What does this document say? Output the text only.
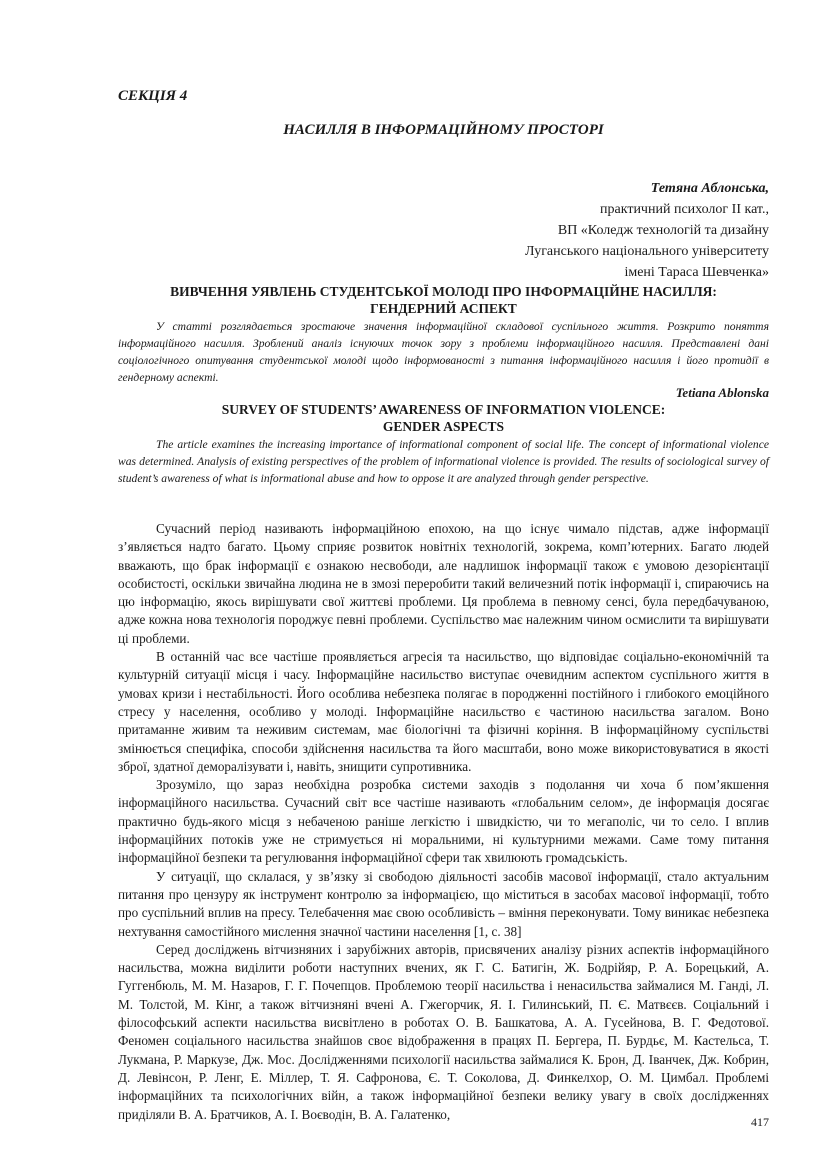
СЕКЦІЯ 4
НАСИЛЛЯ В ІНФОРМАЦІЙНОМУ ПРОСТОРІ
Тетяна Аблонська,
практичний психолог ІІ кат.,
ВП «Коледж технологій та дизайну
Луганського національного університету
імені Тараса Шевченка»
ВИВЧЕННЯ УЯВЛЕНЬ СТУДЕНТСЬКОЇ МОЛОДІ ПРО ІНФОРМАЦІЙНЕ НАСИЛЛЯ:
ГЕНДЕРНИЙ АСПЕКТ
У статті розглядається зростаюче значення інформаційної складової суспільного життя. Розкрито поняття інформаційного насилля. Зроблений аналіз існуючих точок зору з проблеми інформаційного насилля. Представлені дані соціологічного опитування студентської молоді щодо інформованості з питання інформаційного насилля і його протидії в гендерному аспекті.
Tetiana Ablonska
SURVEY OF STUDENTS’ AWARENESS OF INFORMATION VIOLENCE:
GENDER ASPECTS
The article examines the increasing importance of informational component of social life. The concept of informational violence was determined. Analysis of existing perspectives of the problem of informational violence is provided. The results of sociological survey of student’s awareness of what is informational abuse and how to oppose it are analyzed through gender perspective.

Сучасний період називають інформаційною епохою, на що існує чимало підстав, адже інформації з’являється надто багато. Цьому сприяє розвиток новітніх технологій, зокрема, комп’ютерних. Багато людей вважають, що брак інформації є ознакою несвободи, але надлишок інформації також є умовою дезорієнтації особистості, оскільки звичайна людина не в змозі переробити такий величезний потік інформації і, спираючись на цю інформацію, якось вирішувати свої життєві проблеми. Ця проблема в певному сенсі, була передбачуваною, адже кожна нова технологія породжує певні проблеми. Суспільство має належним чином осмислити та вирішувати ці проблеми.

В останній час все частіше проявляється агресія та насильство, що відповідає соціально-економічній та культурній ситуації місця і часу. Інформаційне насильство виступає очевидним аспектом суспільного життя в умовах кризи і нестабільності. Його особлива небезпека полягає в породженні постійного і глибокого емоційного стресу у населення, особливо у молоді. Інформаційне насильство є частиною насильства загалом. Воно притаманне живим та неживим системам, має біологічні та фізичні коріння. В інформаційному суспільстві змінюється специфіка, способи здійснення насильства та його масштаби, воно може використовуватися в якості зброї, здатної деморалізувати і, навіть, знищити супротивника.

Зрозуміло, що зараз необхідна розробка системи заходів з подолання чи хоча б пом’якшення інформаційного насильства. Сучасний світ все частіше називають «глобальним селом», де інформація досягає практично будь-якого місця з небаченою раніше легкістю і швидкістю, чи то мегаполіс, чи то село. І вплив інформаційних потоків уже не стримується ні моральними, ні культурними межами. Саме тому питання інформаційної безпеки та регулювання інформаційної сфери так хвилюють громадськість.

У ситуації, що склалася, у зв’язку зі свободою діяльності засобів масової інформації, стало актуальним питання про цензуру як інструмент контролю за інформацією, що міститься в засобах масової інформації, тобто про суспільний вплив на пресу. Телебачення має свою особливість – вміння переконувати. Тому виникає небезпека нехтування самостійного мислення значної частини населення [1, с. 38]

Серед досліджень вітчизняних і зарубіжних авторів, присвячених аналізу різних аспектів інформаційного насильства, можна виділити роботи наступних вчених, як Г. С. Батигін, Ж. Бодрійяр, Р. А. Борецький, А. Гуггенбюль, М. М. Назаров, Г. Г. Почепцов. Проблемою теорії насильства і ненасильства займалися М. Ганді, Л. М. Толстой, М. Кінг, а також вітчизняні вчені А. Гжегорчик, Я. І. Гилинський, П. Є. Матвєєв. Соціальний і філософський аспекти насильства висвітлено в роботах О. В. Башкатова, А. А. Гусейнова, В. Г. Федотової. Феномен соціального насильства знайшов своє відображення в працях П. Бергера, П. Бурдьє, М. Кастельса, Т. Лукмана, Р. Маркузе, Дж. Мос. Дослідженнями психології насильства займалися К. Брон, Д. Іванчек, Дж. Кобрин, Д. Левінсон, Р. Ленг, Е. Міллер, Т. Я. Сафронова, Є. Т. Соколова, Д. Финкелхор, О. М. Цимбал. Проблемі інформаційних та психологічних війн, а також інформаційної безпеки велику увагу в своїх дослідженнях приділяли В. А. Братчиков, А. І. Воєводін, В. А. Галатенко,

417
